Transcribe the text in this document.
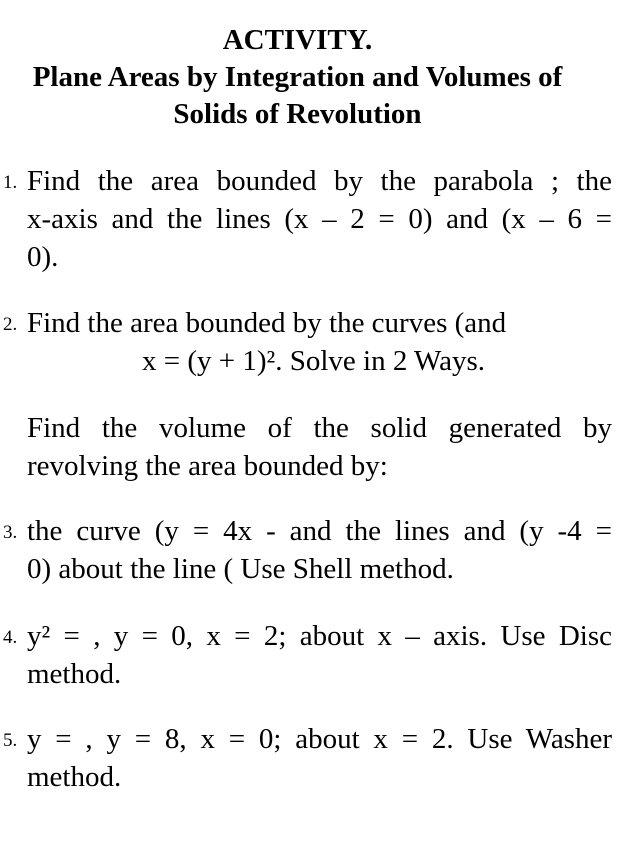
ACTIVITY.
Plane Areas by Integration and Volumes of
Solids of Revolution
1. Find the area bounded by the parabola ; the
x-axis and the lines (x – 2 = 0) and (x – 6 =
0).
2. Find the area bounded by the curves (and
x = (y + 1)². Solve in 2 Ways.
Find the volume of the solid generated by
revolving the area bounded by:
3. the curve (y = 4x - and the lines and (y -4 =
0) about the line ( Use Shell method.
4. y² = , y = 0, x = 2; about x – axis. Use Disc
method.
5. y = , y = 8, x = 0; about x = 2. Use Washer
method.
